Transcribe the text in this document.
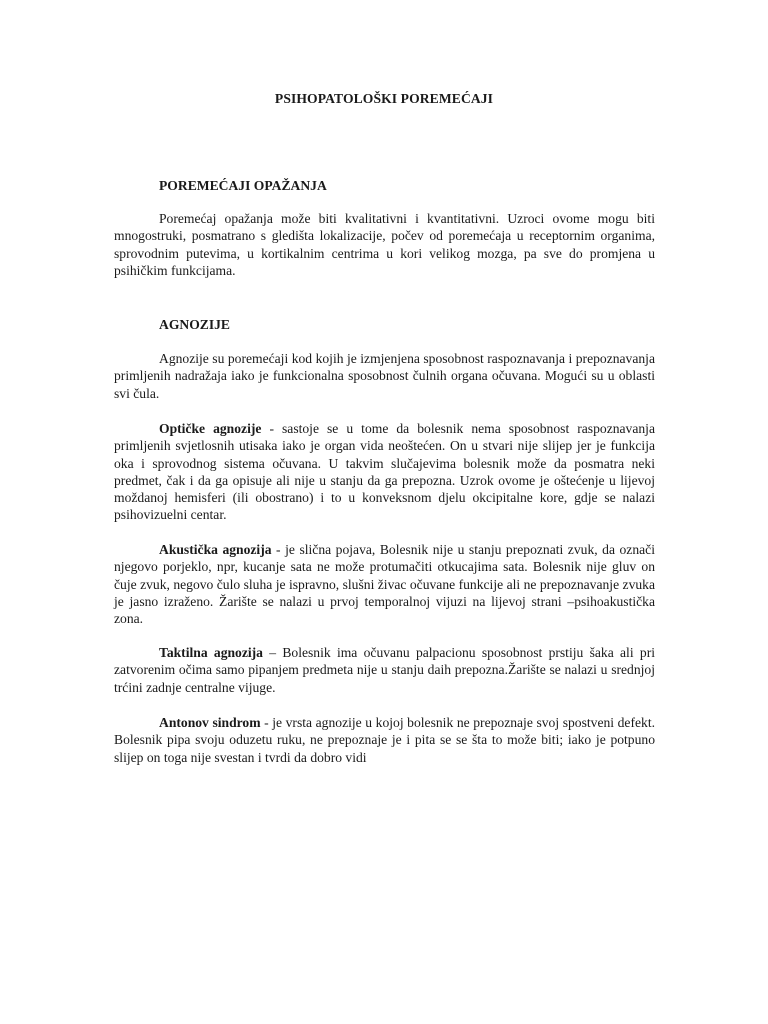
PSIHOPATOLOŠKI POREMEĆAJI
POREMEĆAJI OPAŽANJA

Poremećaj opažanja može biti kvalitativni i kvantitativni. Uzroci ovome mogu biti mnogostruki, posmatrano s gledišta lokalizacije, počev od poremećaja u receptornim organima, sprovodnim putevima, u kortikalnim centrima u kori velikog mozga, pa sve do promjena u psihičkim funkcijama.

AGNOZIJE

Agnozije su poremećaji kod kojih je izmjenjena sposobnost raspoznavanja i prepoznavanja primljenih nadražaja iako je funkcionalna sposobnost čulnih organa očuvana. Mogući su u oblasti svi čula.

Optičke agnozije - sastoje se u tome da bolesnik nema sposobnost raspoznavanja primljenih svjetlosnih utisaka iako je organ vida neoštećen. On u stvari nije slijep jer je funkcija oka i sprovodnog sistema očuvana. U takvim slučajevima bolesnik može da posmatra neki predmet, čak i da ga opisuje ali nije u stanju da ga prepozna. Uzrok ovome je oštećenje u lijevoj moždanoj hemisferi (ili obostrano) i to u konveksnom djelu okcipitalne kore, gdje se nalazi psihovizuelni centar.

Akustička agnozija - je slična pojava, Bolesnik nije u stanju prepoznati zvuk, da označi njegovo porjeklo, npr, kucanje sata ne može protumačiti otkucajima sata. Bolesnik nije gluv on čuje zvuk, negovo čulo sluha je ispravno, slušni živac očuvane funkcije ali ne prepoznavanje zvuka je jasno izraženo. Žarište se nalazi u prvoj temporalnoj vijuzi na lijevoj strani –psihoakustička zona.

Taktilna agnozija – Bolesnik ima očuvanu palpacionu sposobnost prstiju šaka ali pri zatvorenim očima samo pipanjem predmeta nije u stanju daih prepozna.Žarište se nalazi u srednjoj trćini zadnje centralne vijuge.

Antonov sindrom - je vrsta agnozije u kojoj bolesnik ne prepoznaje svoj spostveni defekt. Bolesnik pipa svoju oduzetu ruku, ne prepoznaje je i pita se se šta to može biti; iako je potpuno slijep on toga nije svestan i tvrdi da dobro vidi
